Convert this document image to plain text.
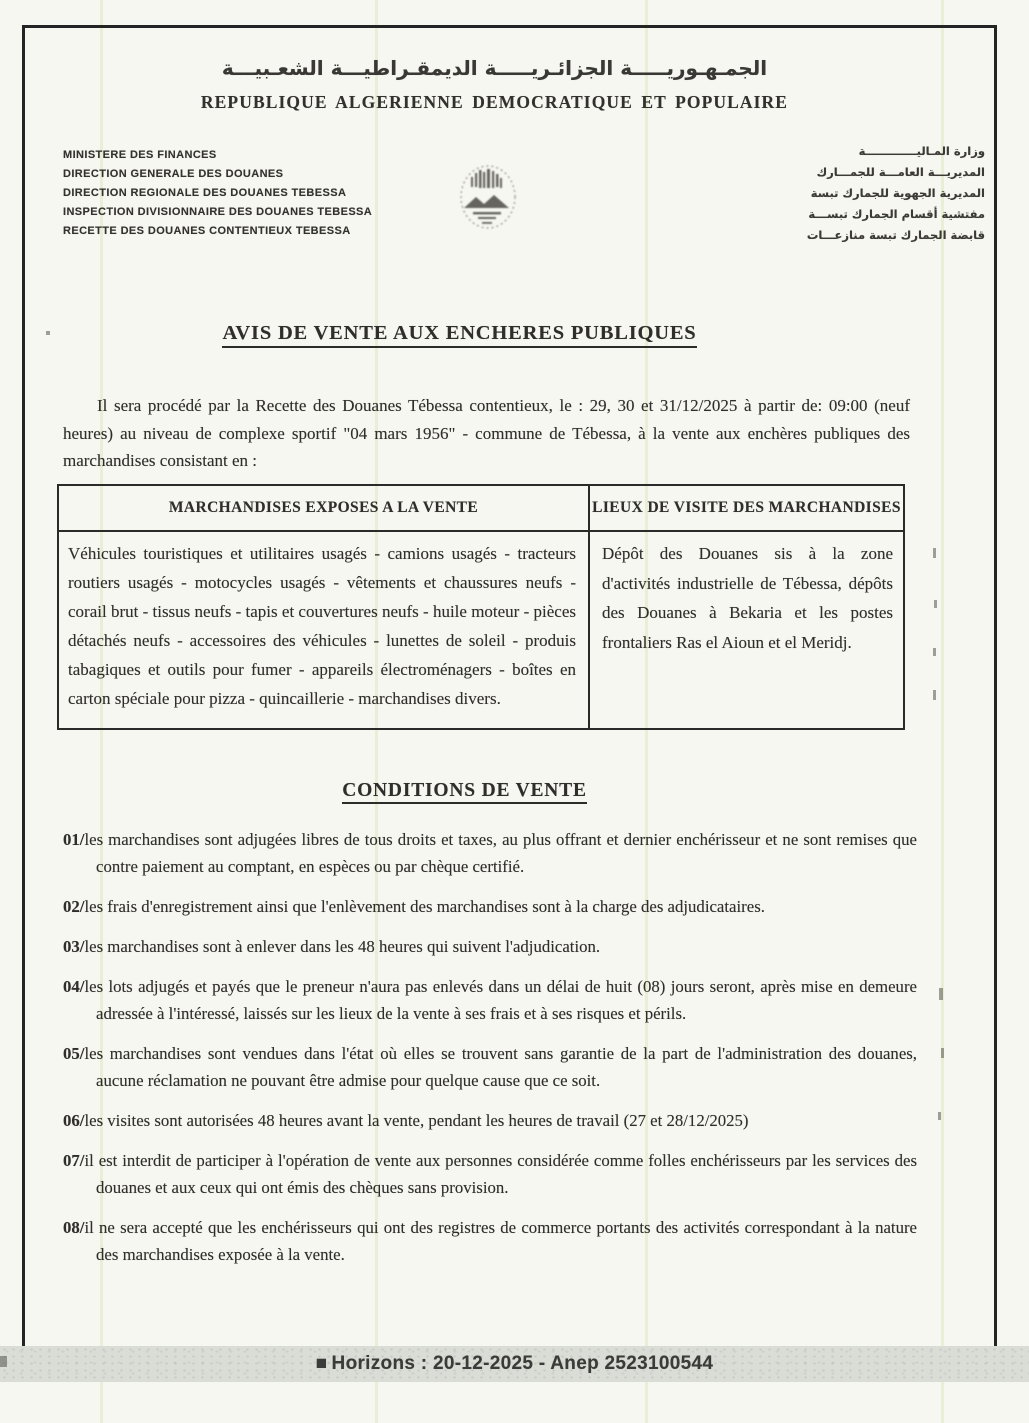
الجمـهـوريـــــة الجزائـريـــــة الديمقـراطيـــة الشعـبيـــة
REPUBLIQUE ALGERIENNE DEMOCRATIQUE ET POPULAIRE
MINISTERE DES FINANCES
DIRECTION GENERALE DES DOUANES
DIRECTION REGIONALE DES DOUANES TEBESSA
INSPECTION DIVISIONNAIRE DES DOUANES TEBESSA
RECETTE DES DOUANES CONTENTIEUX TEBESSA
وزارة المـاليـــــــــــــة
المديريـــة العامـــة للجمـــارك
المديرية الجهوية للجمارك تبسة
مفتشية أقسام الجمارك تبســـة
قابضة الجمارك تبسة منازعـــات
AVIS DE VENTE AUX ENCHERES PUBLIQUES
Il sera procédé par la Recette des Douanes Tébessa contentieux, le : 29, 30 et 31/12/2025 à partir de: 09:00 (neuf heures) au niveau de complexe sportif "04 mars 1956" - commune de Tébessa, à la vente aux enchères publiques des marchandises consistant en :
MARCHANDISES EXPOSES A LA VENTE	LIEUX DE VISITE DES MARCHANDISES
Véhicules touristiques et utilitaires usagés - camions usagés - tracteurs routiers usagés - motocycles usagés - vêtements et chaussures neufs - corail brut - tissus neufs - tapis et couvertures neufs - huile moteur - pièces détachés neufs - accessoires des véhicules - lunettes de soleil - produis tabagiques et outils pour fumer - appareils électroménagers - boîtes en carton spéciale pour pizza - quincaillerie - marchandises divers.
Dépôt des Douanes sis à la zone d'activités industrielle de Tébessa, dépôts des Douanes à Bekaria et les postes frontaliers Ras el Aioun et el Meridj.
CONDITIONS DE VENTE
01/les marchandises sont adjugées libres de tous droits et taxes, au plus offrant et dernier enchérisseur et ne sont remises que contre paiement au comptant, en espèces ou par chèque certifié.
02/les frais d'enregistrement ainsi que l'enlèvement des marchandises sont à la charge des adjudicataires.
03/les marchandises sont à enlever dans les 48 heures qui suivent l'adjudication.
04/les lots adjugés et payés que le preneur n'aura pas enlevés dans un délai de huit (08) jours seront, après mise en demeure adressée à l'intéressé, laissés sur les lieux de la vente à ses frais et à ses risques et périls.
05/les marchandises sont vendues dans l'état où elles se trouvent sans garantie de la part de l'administration des douanes, aucune réclamation ne pouvant être admise pour quelque cause que ce soit.
06/les visites sont autorisées 48 heures avant la vente, pendant les heures de travail (27 et 28/12/2025)
07/il est interdit de participer à l'opération de vente aux personnes considérée comme folles enchérisseurs par les services des douanes et aux ceux qui ont émis des chèques sans provision.
08/il ne sera accepté que les enchérisseurs qui ont des registres de commerce portants des activités correspondant à la nature des marchandises exposée à la vente.
■ Horizons : 20-12-2025 - Anep 2523100544
